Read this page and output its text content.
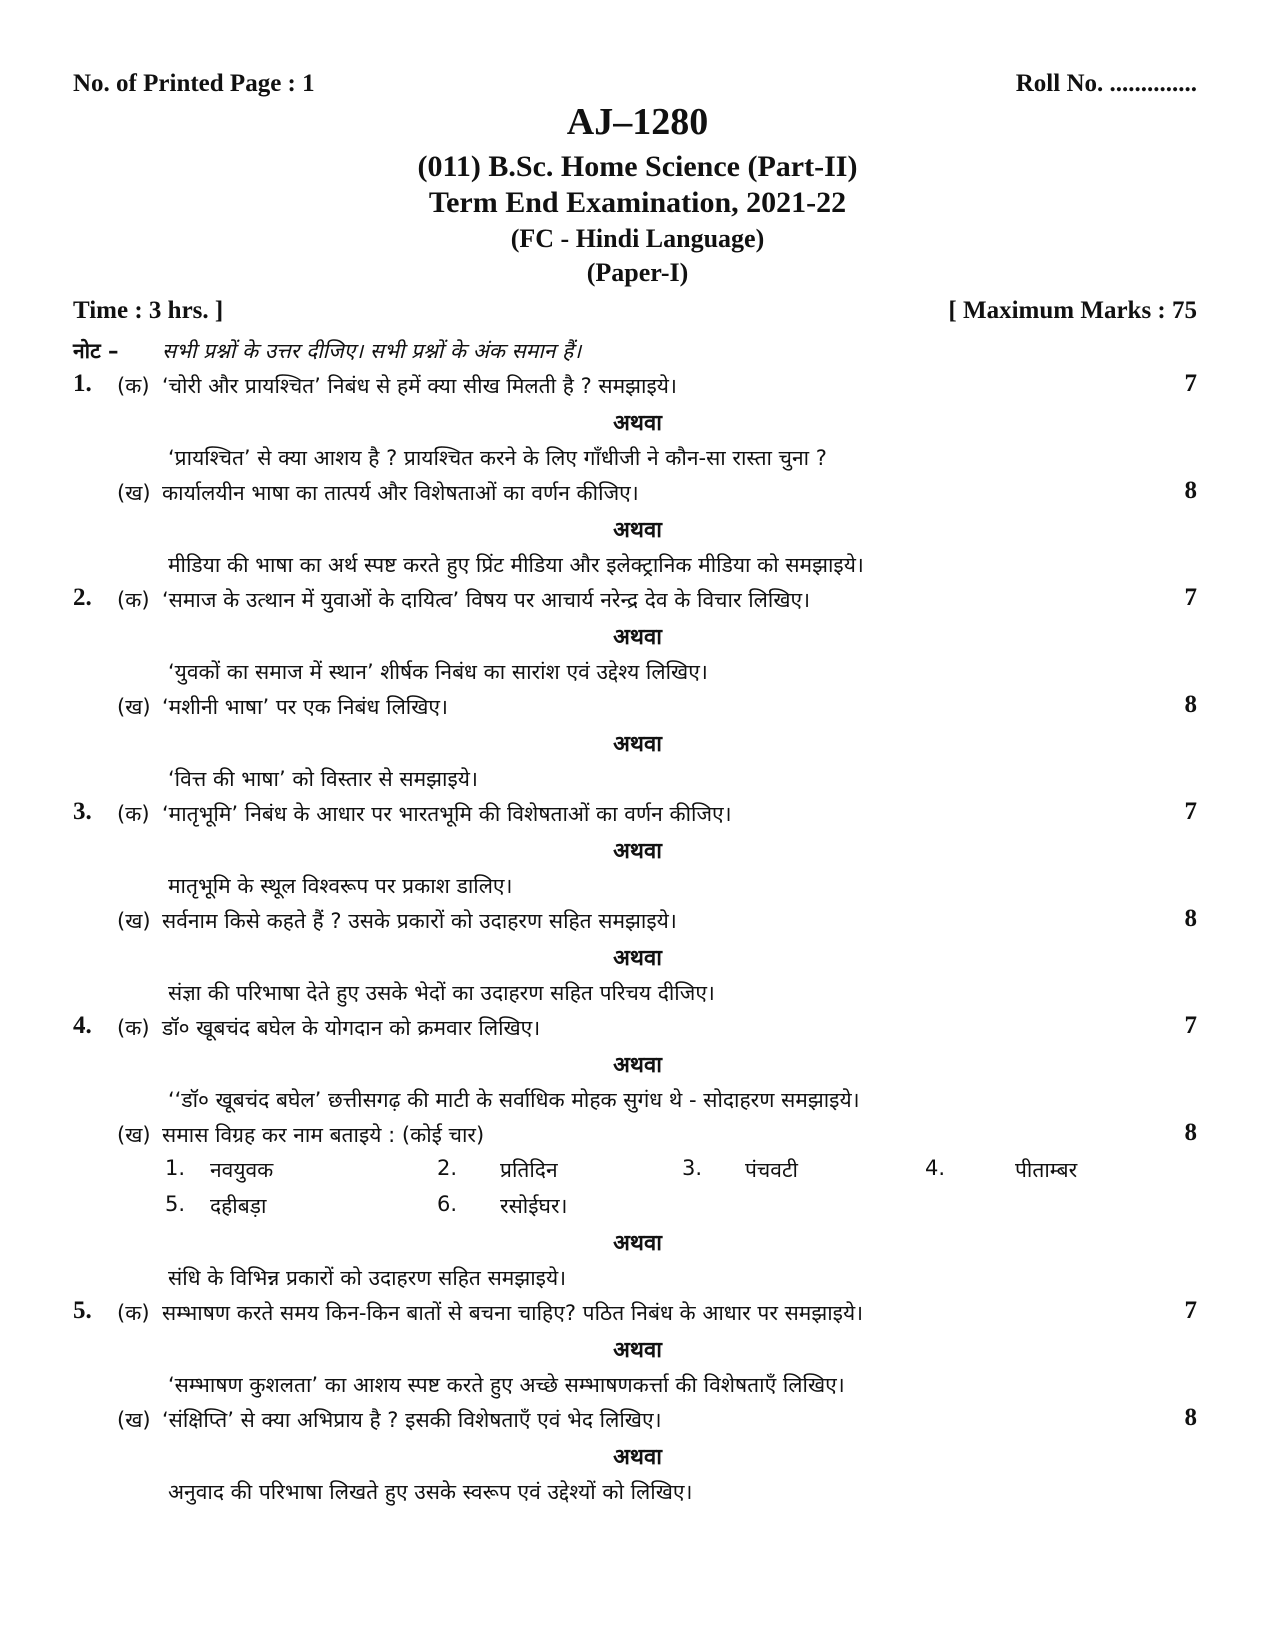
No. of Printed Page : 1	Roll No. ..............
AJ–1280
(011) B.Sc. Home Science (Part-II)
Term End Examination, 2021-22
(FC - Hindi Language)
(Paper-I)
Time : 3 hrs. ]	[ Maximum Marks : 75
नोट – सभी प्रश्नों के उत्तर दीजिए। सभी प्रश्नों के अंक समान हैं।
1. (क) ‘चोरी और प्रायश्चित’ निबंध से हमें क्या सीख मिलती है ? समझाइये।	7
अथवा
‘प्रायश्चित’ से क्या आशय है ? प्रायश्चित करने के लिए गाँधीजी ने कौन-सा रास्ता चुना ?
(ख) कार्यालयीन भाषा का तात्पर्य और विशेषताओं का वर्णन कीजिए।	8
अथवा
मीडिया की भाषा का अर्थ स्पष्ट करते हुए प्रिंट मीडिया और इलेक्ट्रानिक मीडिया को समझाइये।
2. (क) ‘समाज के उत्थान में युवाओं के दायित्व’ विषय पर आचार्य नरेन्द्र देव के विचार लिखिए।	7
अथवा
‘युवकों का समाज में स्थान’ शीर्षक निबंध का सारांश एवं उद्देश्य लिखिए।
(ख) ‘मशीनी भाषा’ पर एक निबंध लिखिए।	8
अथवा
‘वित्त की भाषा’ को विस्तार से समझाइये।
3. (क) ‘मातृभूमि’ निबंध के आधार पर भारतभूमि की विशेषताओं का वर्णन कीजिए।	7
अथवा
मातृभूमि के स्थूल विश्वरूप पर प्रकाश डालिए।
(ख) सर्वनाम किसे कहते हैं ? उसके प्रकारों को उदाहरण सहित समझाइये।	8
अथवा
संज्ञा की परिभाषा देते हुए उसके भेदों का उदाहरण सहित परिचय दीजिए।
4. (क) डॉ० खूबचंद बघेल के योगदान को क्रमवार लिखिए।	7
अथवा
‘‘डॉ० खूबचंद बघेल’ छत्तीसगढ़ की माटी के सर्वाधिक मोहक सुगंध थे - सोदाहरण समझाइये।
(ख) समास विग्रह कर नाम बताइये : (कोई चार)	8
1. नवयुवक	2. प्रतिदिन	3. पंचवटी	4.	पीताम्बर
5. दहीबड़ा	6. रसोईघर।
अथवा
संधि के विभिन्न प्रकारों को उदाहरण सहित समझाइये।
5. (क) सम्भाषण करते समय किन-किन बातों से बचना चाहिए? पठित निबंध के आधार पर समझाइये।	7
अथवा
‘सम्भाषण कुशलता’ का आशय स्पष्ट करते हुए अच्छे सम्भाषणकर्त्ता की विशेषताएँ लिखिए।
(ख) ‘संक्षिप्ति’ से क्या अभिप्राय है ? इसकी विशेषताएँ एवं भेद लिखिए।	8
अथवा
अनुवाद की परिभाषा लिखते हुए उसके स्वरूप एवं उद्देश्यों को लिखिए।
